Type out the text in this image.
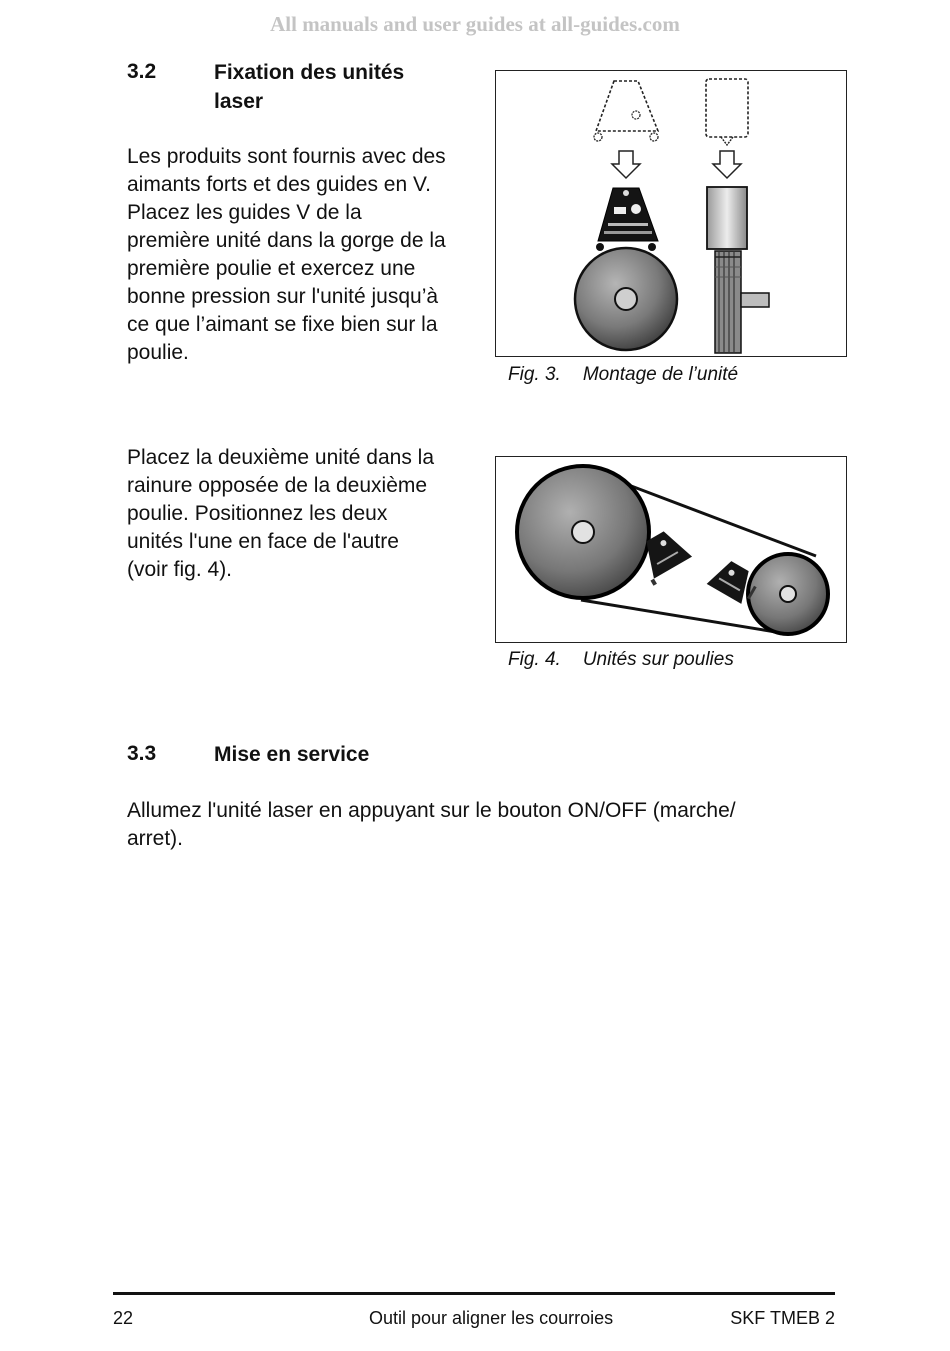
All manuals and user guides at all-guides.com
3.2	Fixation des unités
laser
Les produits sont fournis avec des
aimants forts et des guides en V.
Placez les guides V de la
première unité dans la gorge de la
première poulie et exercez une
bonne pression sur l'unité jusqu’à
ce que l’aimant se fixe bien sur la
poulie.
Fig. 3. Montage de l’unité
Placez la deuxième unité dans la
rainure opposée de la deuxième
poulie. Positionnez les deux
unités l'une en face de l'autre
(voir fig. 4).
Fig. 4. Unités sur poulies
3.3	Mise en service
Allumez l'unité laser en appuyant sur le bouton ON/OFF (marche/
arret).
22	Outil pour aligner les courroies	SKF TMEB 2
